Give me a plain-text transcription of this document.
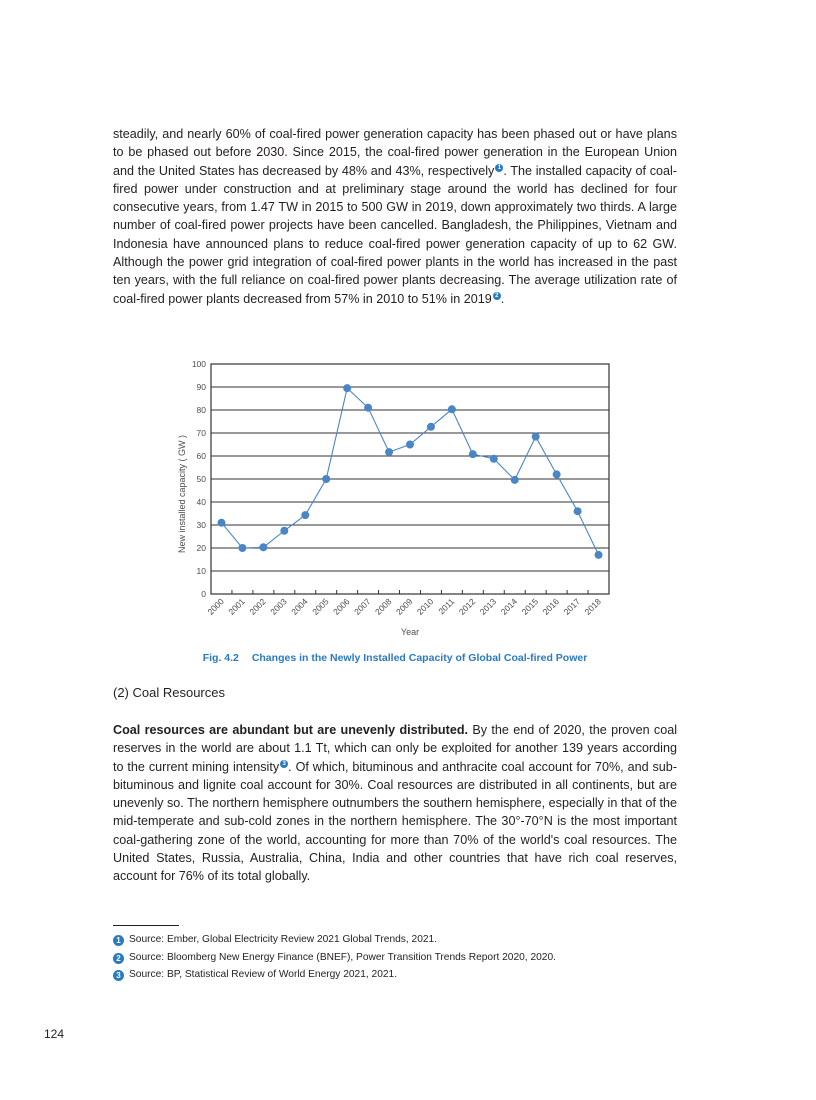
steadily, and nearly 60% of coal-fired power generation capacity has been phased out or have plans to be phased out before 2030. Since 2015, the coal-fired power generation in the European Union and the United States has decreased by 48% and 43%, respectively 1 . The installed capacity of coal-fired power under construction and at preliminary stage around the world has declined for four consecutive years, from 1.47 TW in 2015 to 500 GW in 2019, down approximately two thirds. A large number of coal-fired power projects have been cancelled. Bangladesh, the Philippines, Vietnam and Indonesia have announced plans to reduce coal-fired power generation capacity of up to 62 GW. Although the power grid integration of coal-fired power plants in the world has increased in the past ten years, with the full reliance on coal-fired power plants decreasing. The average utilization rate of coal-fired power plants decreased from 57% in 2010 to 51% in 2019 2 .

0
10
20
30
40
50
60
70
80
90
100
2000 2001 2002 2003 2004 2005 2006 2007 2008 2009 2010 2011 2012 2013 2014 2015 2016 2017 2018
Year
New installed capacity ( GW )
Fig. 4.2 Changes in the Newly Installed Capacity of Global Coal-fired Power

(2) Coal Resources

Coal resources are abundant but are unevenly distributed. By the end of 2020, the proven coal reserves in the world are about 1.1 Tt, which can only be exploited for another 139 years according to the current mining intensity 3 . Of which, bituminous and anthracite coal account for 70%, and sub-bituminous and lignite coal account for 30%. Coal resources are distributed in all continents, but are unevenly so. The northern hemisphere outnumbers the southern hemisphere, especially in that of the mid-temperate and sub-cold zones in the northern hemisphere. The 30°-70°N is the most important coal-gathering zone of the world, accounting for more than 70% of the world's coal resources. The United States, Russia, Australia, China, India and other countries that have rich coal reserves, account for 76% of its total globally.

1 Source: Ember, Global Electricity Review 2021 Global Trends, 2021.
2 Source: Bloomberg New Energy Finance (BNEF), Power Transition Trends Report 2020, 2020.
3 Source: BP, Statistical Review of World Energy 2021, 2021.
124
